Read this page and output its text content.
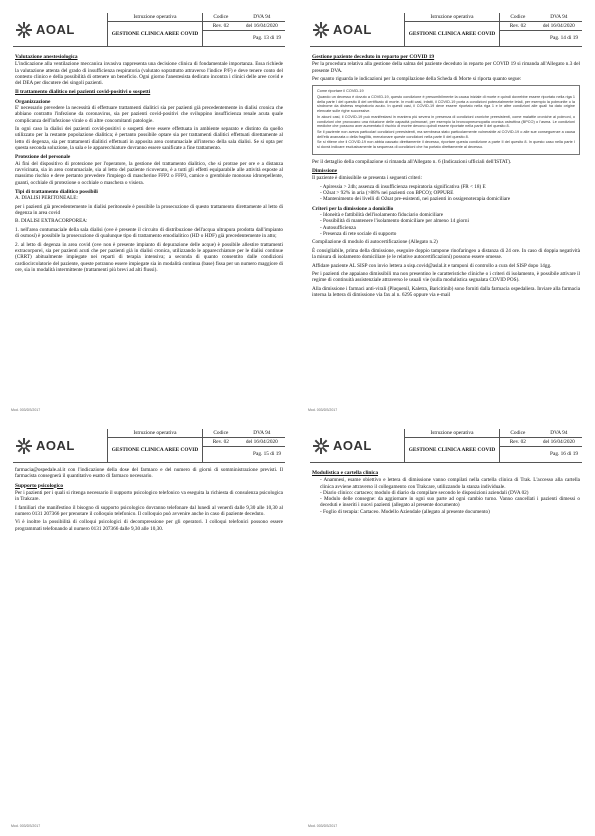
AOAL
Istruzione operativa
GESTIONE CLINICA AREE COVID
Codice	DVA 94
Rev. 02	del 16/04/2020
Pag. 13 di 19
Valutazione anestesiologica

L'indicazione alla ventilazione meccanica invasiva rappresenta una decisione clinica di fondamentale importanza. Essa richiede la valutazione attenta del grado di insufficienza respiratoria (valutato soprattutto attraverso l'indice P/F) e deve tenere conto del contesto clinico e della possibilità di ottenere un beneficio. Ogni giorno l'anestesista dedicato incontra i clinici delle aree covid e del DEA per discutere dei singoli pazienti.

Il trattamento dialitico nei pazienti covid-positivi o sospetti
Organizzazione

E' necessario prevedere la necessità di effettuare trattamenti dialitici sia per pazienti già precedentemente in dialisi cronica che abbiano contratto l'infezione da coronavirus, sia per pazienti covid-positivi che sviluppino insufficienza renale acuta quale complicanza dell'infezione virale o di altre concomitanti patologie.

In ogni caso la dialisi dei pazienti covid-positivi o sospetti deve essere effettuata in ambiente separato e distinto da quello utilizzato per la restante popolazione dialitica; è pertanto possibile optare sia per trattamenti dialitici effettuati direttamente al letto di degenza, sia per trattamenti dialitici effettuati in apposita area contumaciale all'interno della sala dialisi. Se si opta per questa seconda soluzione, la sala e le apparecchiature dovranno essere sanificate a fine trattamento.

Protezione del personale

Ai fini del dispositivo di protezione per l'operatore, la gestione del trattamento dialitico, che si protrae per ore e a distanza ravvicinata, sia in area contumaciale, sia al letto del paziente ricoverato, è a tutti gli effetti equiparabile alle attività esposte al massimo rischio e deve pertanto prevedere l'impiego di mascherine FFP2 o FFP3, camice o grembiule monouso idrorepellente, guanti, occhiale di protezione o occhiale o maschera o visiera.

Tipi di trattamento dialitico possibili

A. DIALISI PERITONEALE:

per i pazienti già precedentemente in dialisi peritoneale è possibile la prosecuzione di questo trattamento direttamente al letto di degenza in area covid

B. DIALISI EXTRACORPOREA:

1. nell'area contumaciale della sala dialisi (ove è presente il circuito di distribuzione dell'acqua ultrapura prodotta dall'impianto di osmosi) è possibile la prosecuzione di qualunque tipo di trattamento emodialitico (HD o HDF) già precedentemente in atto;

2. al letto di degenza in area covid (ove non è presente impianto di depurazione delle acque) è possibile allestire trattamenti extracorporei, sia per pazienti acuti che per pazienti già in dialisi cronica, utilizzando le apparecchiature per le dialisi continue (CRRT) abitualmente impiegate nei reparti di terapia intensiva; a seconda di quanto consentito dalle condizioni cardiocircolatorie del paziente, queste potranno essere impiegate sia in modalità continua (base) fissa per un numero maggiore di ore, sia in modalità intermittente (trattamenti più brevi ad alti flussi).

Mod. 003/DS/2017
AOAL
Istruzione operativa
GESTIONE CLINICA AREE COVID
Codice	DVA 94
Rev. 02	del 16/04/2020
Pag. 14 di 19
Gestione paziente deceduto in reparto per COVID 19

Per la procedura relativa alla gestione della salma del paziente deceduto in reparto per COVID 19 si rimanda all'Allegato n.3 del presente DVA.

Per quanto riguarda le indicazioni per la compilazione della Scheda di Morte si riporta quanto segue:

Come riportare il COVID-19

Quando un decesso è dovuto a COVID-19, questo condizione è presumibilmente la causa iniziale di morte e quindi dovrebbe essere riportato nella riga 1 della parte I del quesito 8 del certificato di morte. In molti casi, infatti, il COVID-19 porta a condizioni potenzialmente letali, per esempio la polmonite o la sindrome da distress respiratorio acuto. In questi casi, il COVID-19 deve essere riportato nella riga 1 e le altre condizioni alle quali ha dato origine elencate sulle righe successive.

In alcuni casi, il COVID-19 può manifestarsi in maniera più severa in presenza di condizioni croniche preesistenti, come malattie croniche ai polmoni, o condizioni che provocano una riduzione delle capacità polmonari, per esempio la broncopneumopatia cronica ostruttiva (BPCO) o l'asma. Le condizioni mediche che possono aver aumentato il rischio di morire devono quindi essere riportate nella parte II del quesito 8.

Se il paziente non aveva particolari condizioni preesistenti, ma sembrava stato particolarmente vulnerabile al COVID-19 o alle sue conseguenze a causa dell'età avanzata o della fragilità, menzionare queste condizioni nella parte II del quesito 8.

Se si ritiene che il COVID-19 non abbia causato direttamente il decesso, riportare questa condizione a parte II del quesito 8. In questo caso nella parte I si dovrà indicare esclusivamente la sequenza di condizioni che ha portato direttamente al decesso.

Per il dettaglio della compilazione si rimanda all'Allegato n. 6 (Indicazioni ufficiali dell'ISTAT).

Dimissione

Il paziente è dimissibile se presenta i seguenti criteri:

- Apiressia > 24h; assenza di insufficienza respiratoria significativa (FR < 18) E
- O2sat > 92% in aria (>88% nei pazienti con BPCO); OPPURE
- Mantenimento dei livelli di O2sat pre-esistenti, nei pazienti in ossigenoterapia domiciliare
Criteri per la dimissione a domicilio
- Idoneità e fattibilità dell'isolamento fiduciario domiciliare
- Possibilità di mantenere l'isolamento domiciliare per almeno 14 giorni
- Autosufficienza
- Presenza di rete sociale di supporto

Compilazione di modulo di autocertificazione (Allegato n.2)

È consigliabile, prima della dimissione, eseguire doppio tampone rinofaringeo a distanza di 24 ore. In caso di doppia negatività la misura di isolamento domiciliare (e le relative autocertificazioni) possono essere omesse.

Affidare paziente AL SISP con invio lettera a sisp.covid@aslal.it e tamponi di controllo a cura del SISP dopo 14gg.

Per i pazienti che appaiano dimissibili ma non presentino le caratteristiche cliniche o i criteri di isolamento, è possibile attivare il regime di continuità assistenziale attraverso le usuali vie (sulla modulistica segnalata COVID POS).

Alla dimissione i farmaci anti-virali (Plaquenil, Kaletra, Baricitinib) sono forniti dalla farmacia ospedaliera. Inviare alla farmacia interna la lettera di dimissione via fax al n. 6295 oppure via e-mail

Mod. 003/DS/2017
AOAL
Istruzione operativa
GESTIONE CLINICA AREE COVID
Codice	DVA 94
Rev. 02	del 16/04/2020
Pag. 15 di 19

farmacia@ospedale.al.it con l'indicazione della dose del farmaco e del numero di giorni di somministrazione previsti. Il farmacista consegnerà il quantitativo esatto di farmaco necessario.

Supporto psicologico

Per i pazienti per i quali si ritenga necessario il supporto psicologico telefonico va eseguita la richiesta di consulenza psicologica in Trakcare.

I familiari che manifestino il bisogno di supporto psicologico dovranno telefonare dal lunedì al venerdì dalle 9,30 alle 10,30 al numero 0131 207366 per prenotare il colloquio telefonico. Il colloquio può avvenire anche in caso di paziente deceduto.

Vi è inoltre la possibilità di colloqui psicologici di decompressione per gli operatori. I colloqui telefonici possono essere programmati telefonando al numero 0131 207366 dalle 9,30 alle 10,30.

Mod. 003/DS/2017
AOAL
Istruzione operativa
GESTIONE CLINICA AREE COVID
Codice	DVA 94
Rev. 02	del 16/04/2020
Pag. 16 di 19
Modulistica e cartella clinica
- Anamnesi, esame obiettivo e lettera di dimissione vanno compilati nella cartella clinica di Trak. L'accesso alla cartella clinica avviene attraverso il collegamento con Trakcare, utilizzando la stanza individuale.
- Diario clinico: cartaceo; modulo di diario da compilare secondo le disposizioni aziendali (DVA 02)
- Modulo delle consegne: da aggiornare in ogni suo parte ad ogni cambio turno. Vanno cancellati i pazienti dimessi o deceduti e inseriti i nuovi pazienti (allegato al presente documento)
- Foglio di terapia: Cartaceo. Modello Aziendale (allegato al presente documento)
Mod. 003/DS/2017
